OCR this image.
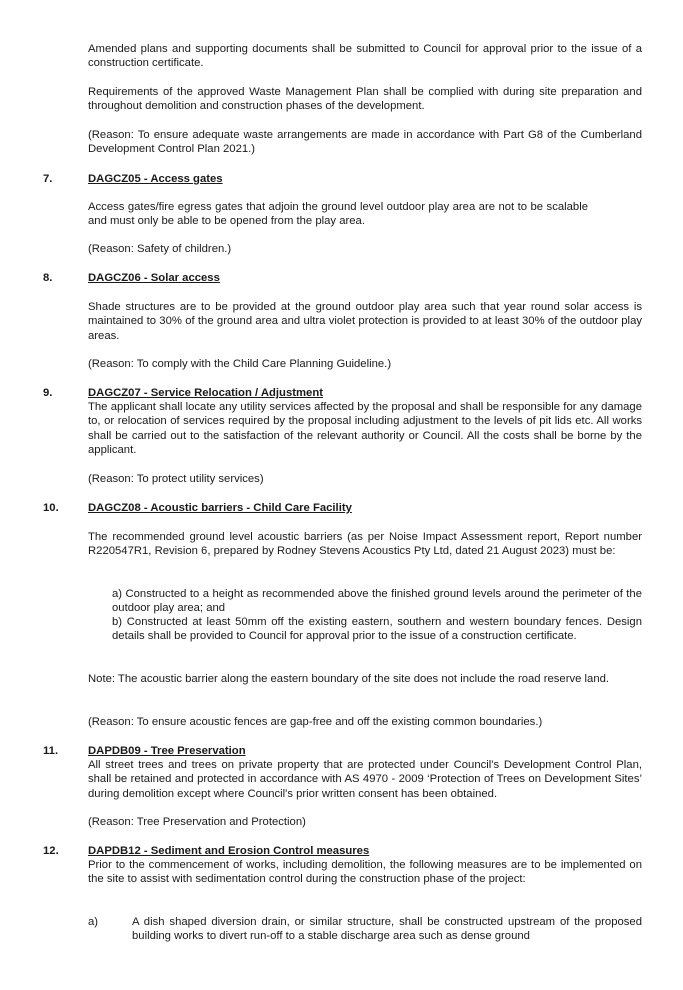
Amended plans and supporting documents shall be submitted to Council for approval prior to the issue of a construction certificate.

Requirements of the approved Waste Management Plan shall be complied with during site preparation and throughout demolition and construction phases of the development.

(Reason: To ensure adequate waste arrangements are made in accordance with Part G8 of the Cumberland Development Control Plan 2021.)

7.	DAGCZ05 - Access gates

Access gates/fire egress gates that adjoin the ground level outdoor play area are not to be scalable and must only be able to be opened from the play area.

(Reason: Safety of children.)

8.	DAGCZ06 - Solar access

Shade structures are to be provided at the ground outdoor play area such that year round solar access is maintained to 30% of the ground area and ultra violet protection is provided to at least 30% of the outdoor play areas.

(Reason: To comply with the Child Care Planning Guideline.)

9.	DAGCZ07 - Service Relocation / Adjustment

The applicant shall locate any utility services affected by the proposal and shall be responsible for any damage to, or relocation of services required by the proposal including adjustment to the levels of pit lids etc. All works shall be carried out to the satisfaction of the relevant authority or Council. All the costs shall be borne by the applicant.

(Reason: To protect utility services)

10.	DAGCZ08 - Acoustic barriers - Child Care Facility

The recommended ground level acoustic barriers (as per Noise Impact Assessment report, Report number R220547R1, Revision 6, prepared by Rodney Stevens Acoustics Pty Ltd, dated 21 August 2023) must be:

a) Constructed to a height as recommended above the finished ground levels around the perimeter of the outdoor play area; and

b) Constructed at least 50mm off the existing eastern, southern and western boundary fences. Design details shall be provided to Council for approval prior to the issue of a construction certificate.

Note: The acoustic barrier along the eastern boundary of the site does not include the road reserve land.

(Reason: To ensure acoustic fences are gap-free and off the existing common boundaries.)

11.	DAPDB09 - Tree Preservation

All street trees and trees on private property that are protected under Council's Development Control Plan, shall be retained and protected in accordance with AS 4970 - 2009 ‘Protection of Trees on Development Sites’ during demolition except where Council's prior written consent has been obtained.

(Reason: Tree Preservation and Protection)

12.	DAPDB12 - Sediment and Erosion Control measures

Prior to the commencement of works, including demolition, the following measures are to be implemented on the site to assist with sedimentation control during the construction phase of the project:

a)	A dish shaped diversion drain, or similar structure, shall be constructed upstream of the proposed building works to divert run-off to a stable discharge area such as dense ground
